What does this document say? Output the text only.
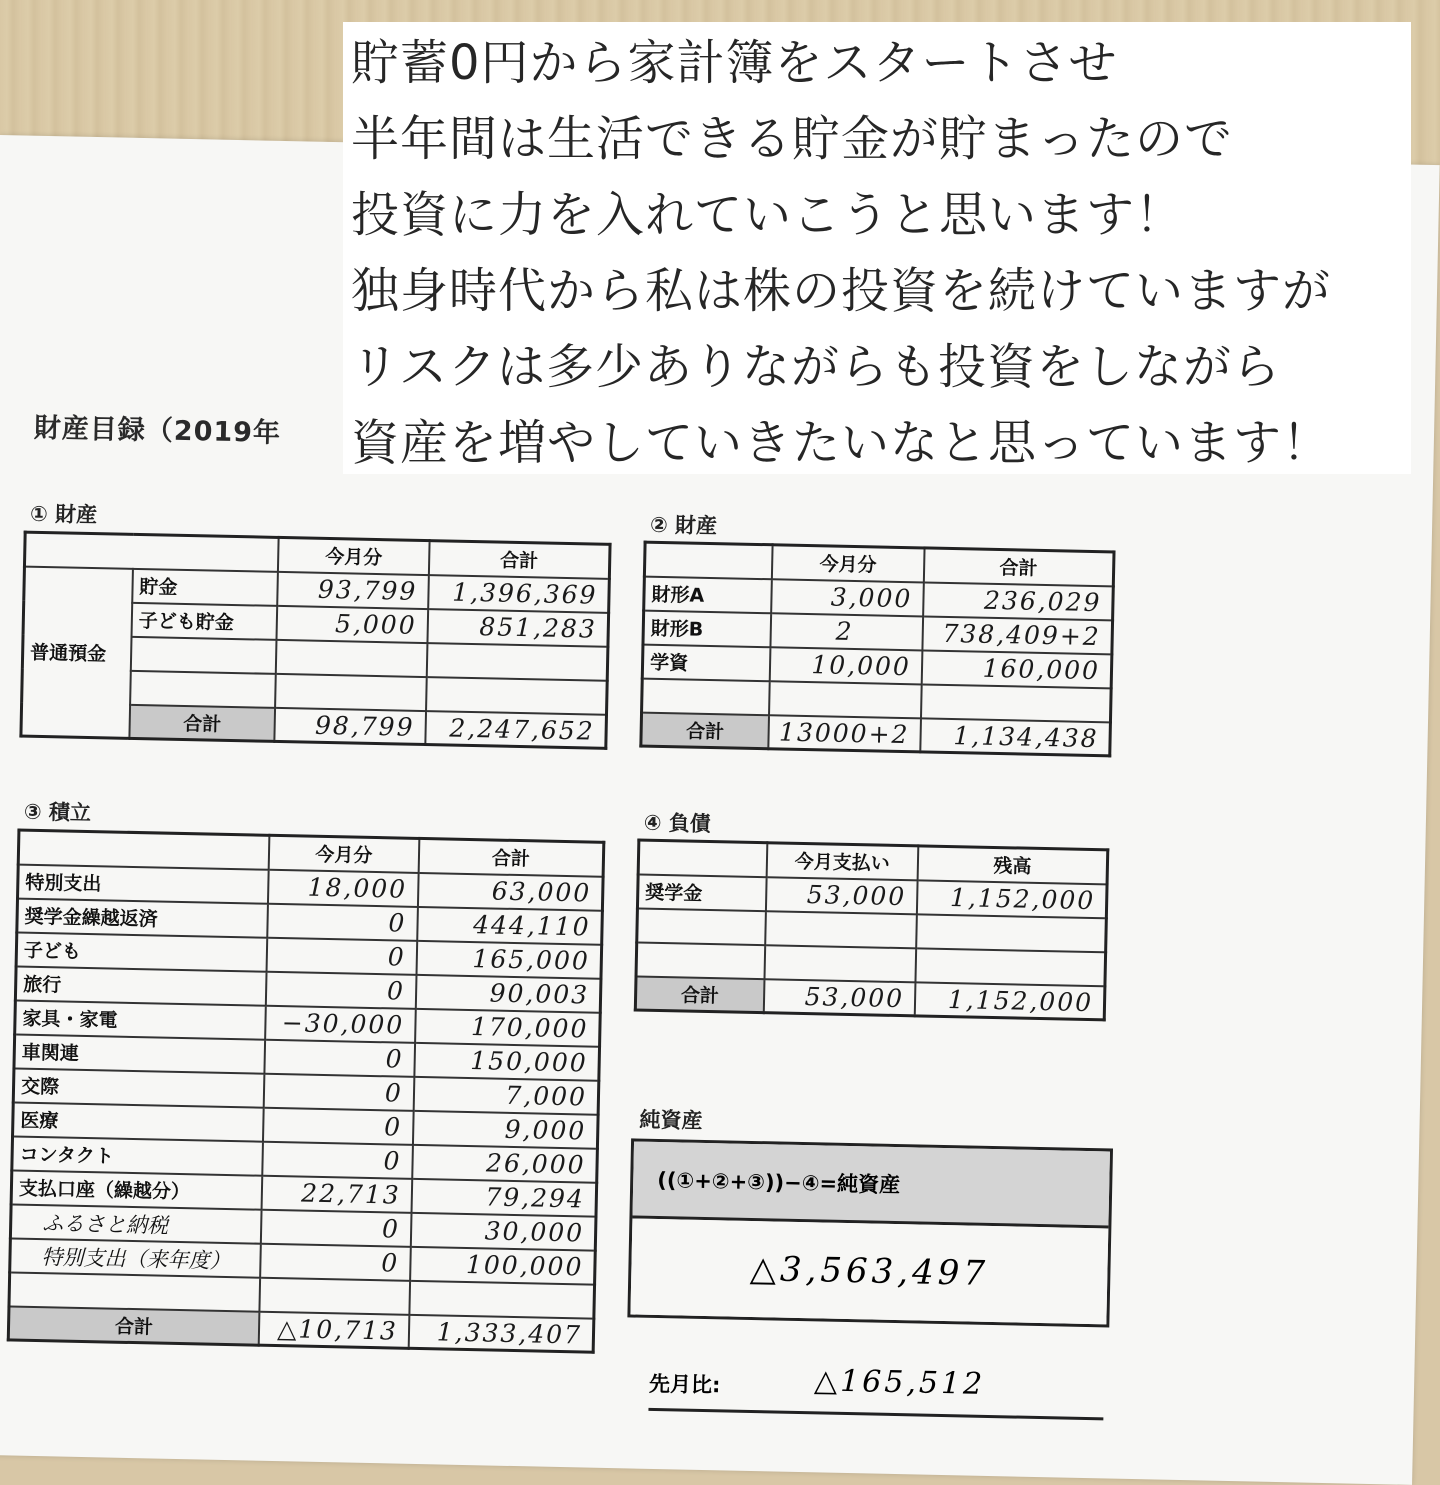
財産目録（2019年
① 財産
		今月分	合計
普通預金	貯金	93,799	1,396,369
	子ども貯金	5,000	851,283

	合計	98,799	2,247,652
② 財産
	今月分	合計
財形A	3,000	236,029
財形B	2	738,409+2
学資	10,000	160,000

合計	13000+2	1,134,438
③ 積立
	今月分	合計
特別支出	18,000	63,000
奨学金繰越返済	0	444,110
子ども	0	165,000
旅行	0	90,003
家具・家電	−30,000	170,000
車関連	0	150,000
交際	0	7,000
医療	0	9,000
コンタクト	0	26,000
支払口座（繰越分）	22,713	79,294
ふるさと納税	0	30,000
特別支出（来年度）	0	100,000

合計	△10,713	1,333,407
④ 負債
	今月支払い	残高
奨学金	53,000	1,152,000

合計	53,000	1,152,000
純資産
((①+②+③))−④=純資産
△3,563,497
先月比:	△165,512
貯蓄0円から家計簿をスタートさせ
半年間は生活できる貯金が貯まったので
投資に力を入れていこうと思います！
独身時代から私は株の投資を続けていますが
リスクは多少ありながらも投資をしながら
資産を増やしていきたいなと思っています！
